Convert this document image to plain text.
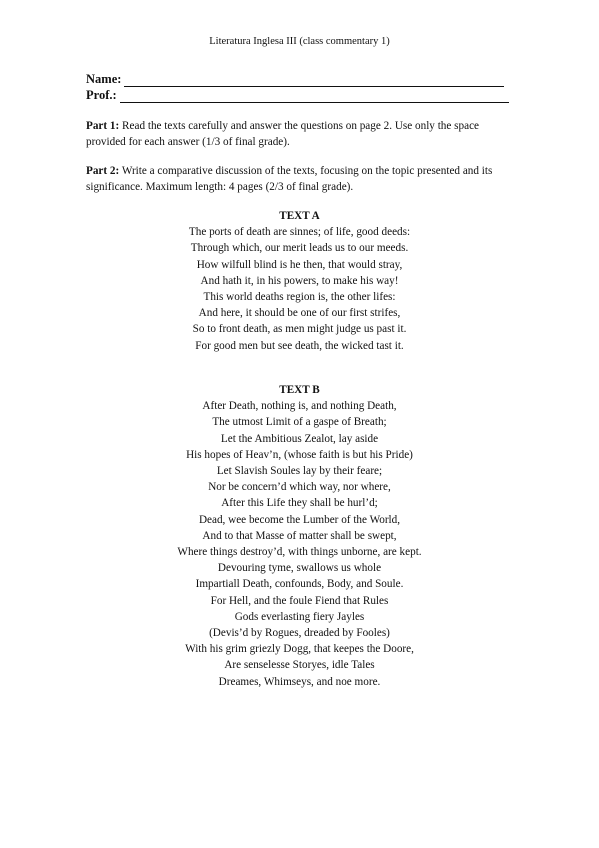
Literatura Inglesa III (class commentary 1)
Name:
Prof.:
Part 1: Read the texts carefully and answer the questions on page 2. Use only the space provided for each answer (1/3 of final grade).
Part 2: Write a comparative discussion of the texts, focusing on the topic presented and its significance. Maximum length: 4 pages (2/3 of final grade).
TEXT A
The ports of death are sinnes; of life, good deeds:
Through which, our merit leads us to our meeds.
How wilfull blind is he then, that would stray,
And hath it, in his powers, to make his way!
This world deaths region is, the other lifes:
And here, it should be one of our first strifes,
So to front death, as men might judge us past it.
For good men but see death, the wicked tast it.
TEXT B
After Death, nothing is, and nothing Death,
The utmost Limit of a gaspe of Breath;
Let the Ambitious Zealot, lay aside
His hopes of Heav’n, (whose faith is but his Pride)
Let Slavish Soules lay by their feare;
Nor be concern’d which way, nor where,
After this Life they shall be hurl’d;
Dead, wee become the Lumber of the World,
And to that Masse of matter shall be swept,
Where things destroy’d, with things unborne, are kept.
Devouring tyme, swallows us whole
Impartiall Death, confounds, Body, and Soule.
For Hell, and the foule Fiend that Rules
Gods everlasting fiery Jayles
(Devis’d by Rogues, dreaded by Fooles)
With his grim griezly Dogg, that keepes the Doore,
Are senselesse Storyes, idle Tales
Dreames, Whimseys, and noe more.
